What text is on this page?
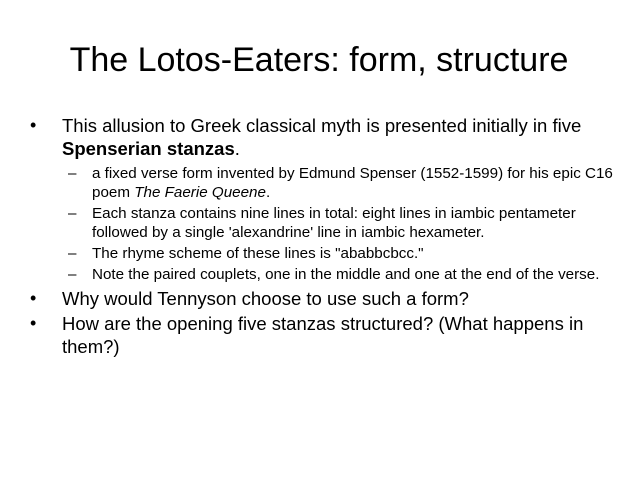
The Lotos-Eaters: form, structure
• This allusion to Greek classical myth is presented initially in five Spenserian stanzas.
– a fixed verse form invented by Edmund Spenser (1552-1599) for his epic C16 poem The Faerie Queene.
– Each stanza contains nine lines in total: eight lines in iambic pentameter followed by a single 'alexandrine' line in iambic hexameter.
– The rhyme scheme of these lines is "ababbcbcc."
– Note the paired couplets, one in the middle and one at the end of the verse.
• Why would Tennyson choose to use such a form?
• How are the opening five stanzas structured? (What happens in them?)
